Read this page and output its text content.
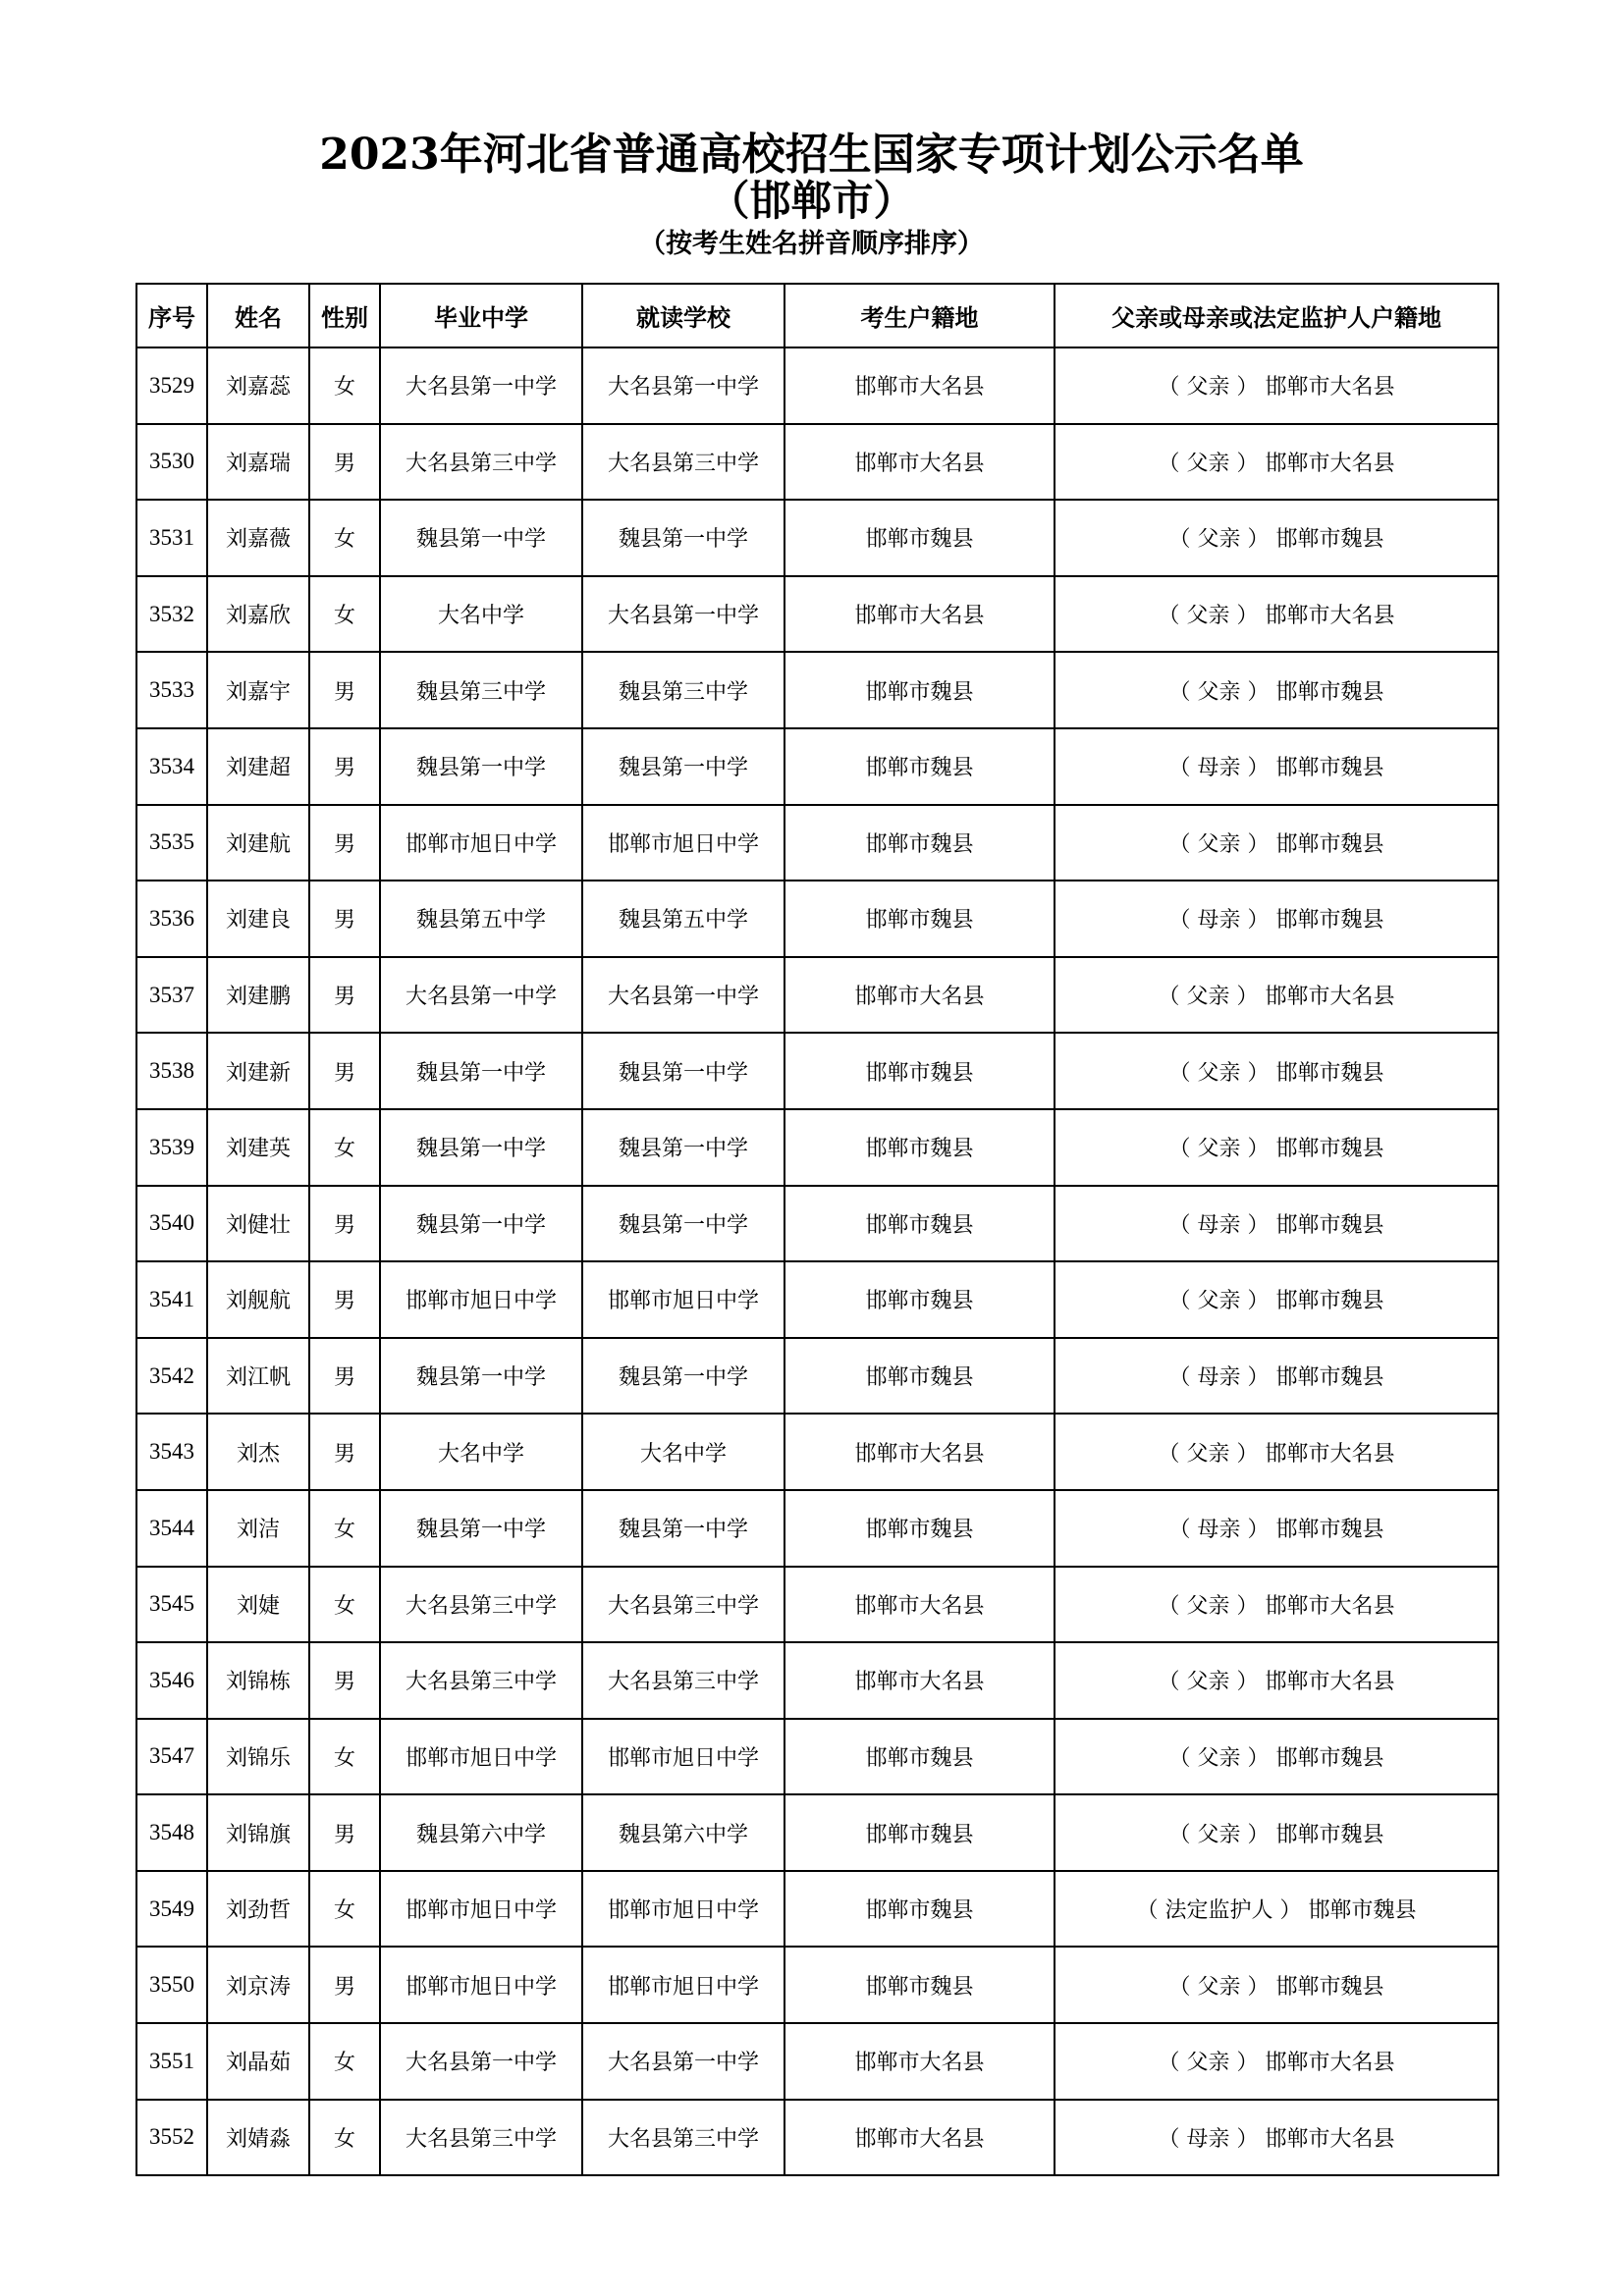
2023年河北省普通高校招生国家专项计划公示名单
（邯郸市）
（按考生姓名拼音顺序排序）
序号	姓名	性别	毕业中学	就读学校	考生户籍地	父亲或母亲或法定监护人户籍地
3529	刘嘉蕊	女	大名县第一中学	大名县第一中学	邯郸市大名县	（ 父亲 ） 邯郸市大名县
3530	刘嘉瑞	男	大名县第三中学	大名县第三中学	邯郸市大名县	（ 父亲 ） 邯郸市大名县
3531	刘嘉薇	女	魏县第一中学	魏县第一中学	邯郸市魏县	（ 父亲 ） 邯郸市魏县
3532	刘嘉欣	女	大名中学	大名县第一中学	邯郸市大名县	（ 父亲 ） 邯郸市大名县
3533	刘嘉宇	男	魏县第三中学	魏县第三中学	邯郸市魏县	（ 父亲 ） 邯郸市魏县
3534	刘建超	男	魏县第一中学	魏县第一中学	邯郸市魏县	（ 母亲 ） 邯郸市魏县
3535	刘建航	男	邯郸市旭日中学	邯郸市旭日中学	邯郸市魏县	（ 父亲 ） 邯郸市魏县
3536	刘建良	男	魏县第五中学	魏县第五中学	邯郸市魏县	（ 母亲 ） 邯郸市魏县
3537	刘建鹏	男	大名县第一中学	大名县第一中学	邯郸市大名县	（ 父亲 ） 邯郸市大名县
3538	刘建新	男	魏县第一中学	魏县第一中学	邯郸市魏县	（ 父亲 ） 邯郸市魏县
3539	刘建英	女	魏县第一中学	魏县第一中学	邯郸市魏县	（ 父亲 ） 邯郸市魏县
3540	刘健壮	男	魏县第一中学	魏县第一中学	邯郸市魏县	（ 母亲 ） 邯郸市魏县
3541	刘舰航	男	邯郸市旭日中学	邯郸市旭日中学	邯郸市魏县	（ 父亲 ） 邯郸市魏县
3542	刘江帆	男	魏县第一中学	魏县第一中学	邯郸市魏县	（ 母亲 ） 邯郸市魏县
3543	刘杰	男	大名中学	大名中学	邯郸市大名县	（ 父亲 ） 邯郸市大名县
3544	刘洁	女	魏县第一中学	魏县第一中学	邯郸市魏县	（ 母亲 ） 邯郸市魏县
3545	刘婕	女	大名县第三中学	大名县第三中学	邯郸市大名县	（ 父亲 ） 邯郸市大名县
3546	刘锦栋	男	大名县第三中学	大名县第三中学	邯郸市大名县	（ 父亲 ） 邯郸市大名县
3547	刘锦乐	女	邯郸市旭日中学	邯郸市旭日中学	邯郸市魏县	（ 父亲 ） 邯郸市魏县
3548	刘锦旗	男	魏县第六中学	魏县第六中学	邯郸市魏县	（ 父亲 ） 邯郸市魏县
3549	刘劲哲	女	邯郸市旭日中学	邯郸市旭日中学	邯郸市魏县	（ 法定监护人 ） 邯郸市魏县
3550	刘京涛	男	邯郸市旭日中学	邯郸市旭日中学	邯郸市魏县	（ 父亲 ） 邯郸市魏县
3551	刘晶茹	女	大名县第一中学	大名县第一中学	邯郸市大名县	（ 父亲 ） 邯郸市大名县
3552	刘婧淼	女	大名县第三中学	大名县第三中学	邯郸市大名县	（ 母亲 ） 邯郸市大名县
